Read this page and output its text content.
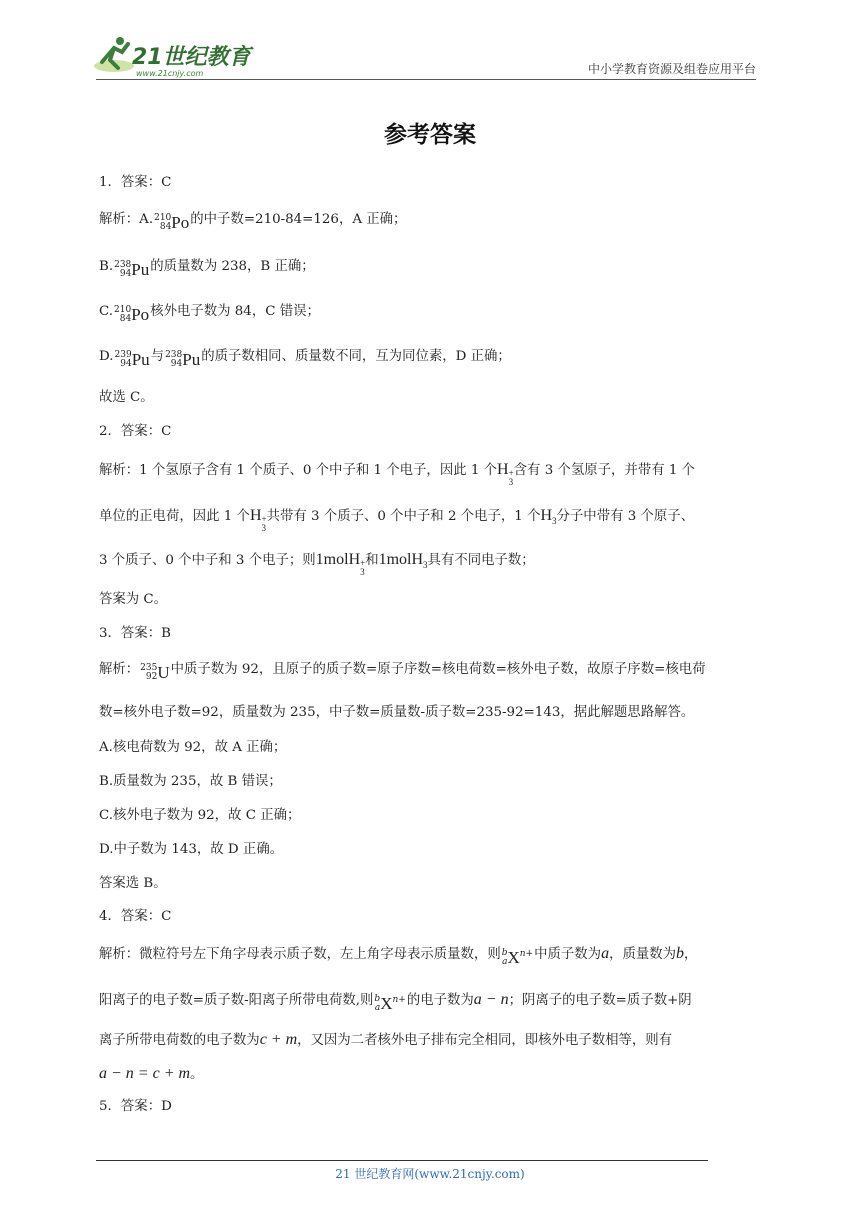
21世纪教育
www.21cnjy.com	中小学教育资源及组卷应用平台
参考答案
1．答案：C
解析：A. 210
84 Po的中子数=210-84=126，A 正确；
B. 238
94 Pu的质量数为 238，B 正确；
C. 210
84 Po核外电子数为 84，C 错误；
D. 239
94 Pu与 238
94 Pu的质子数相同、质量数不同，互为同位素，D 正确；
故选 C。
2．答案：C
解析：1 个氢原子含有 1 个质子、0 个中子和 1 个电子，因此 1 个H +
3
含有 3 个氢原子，并带有 1 个
单位的正电荷，因此 1 个H +
3
共带有 3 个质子、0 个中子和 2 个电子，1 个$H_3$分子中带有 3 个原子、
3 个质子、0 个中子和 3 个电子；则1molH +
3
和1molH$_3$具有不同电子数；
答案为 C。
3．答案：B
解析： 235
92 U中质子数为 92，且原子的质子数=原子序数=核电荷数=核外电子数，故原子序数=核电荷
数=核外电子数=92，质量数为 235，中子数=质量数-质子数=235-92=143，据此解题思路解答。
A.核电荷数为 92，故 A 正确；
B.质量数为 235，故 B 错误；
C.核外电子数为 92，故 C 正确；
D.中子数为 143，故 D 正确。
答案选 B。
4．答案：C
解析：微粒符号左下角字母表示质子数，左上角字母表示质量数，则 b
a $X^{n+}$中质子数为a，质量数为b，
阳离子的电子数=质子数-阳离子所带电荷数,则 b
a $X^{n+}$的电子数为a − n；阴离子的电子数=质子数+阴
离子所带电荷数的电子数为c + m，又因为二者核外电子排布完全相同，即核外电子数相等，则有
a − n = c + m。
5．答案：D
21 世纪教育网(www.21cnjy.com)
